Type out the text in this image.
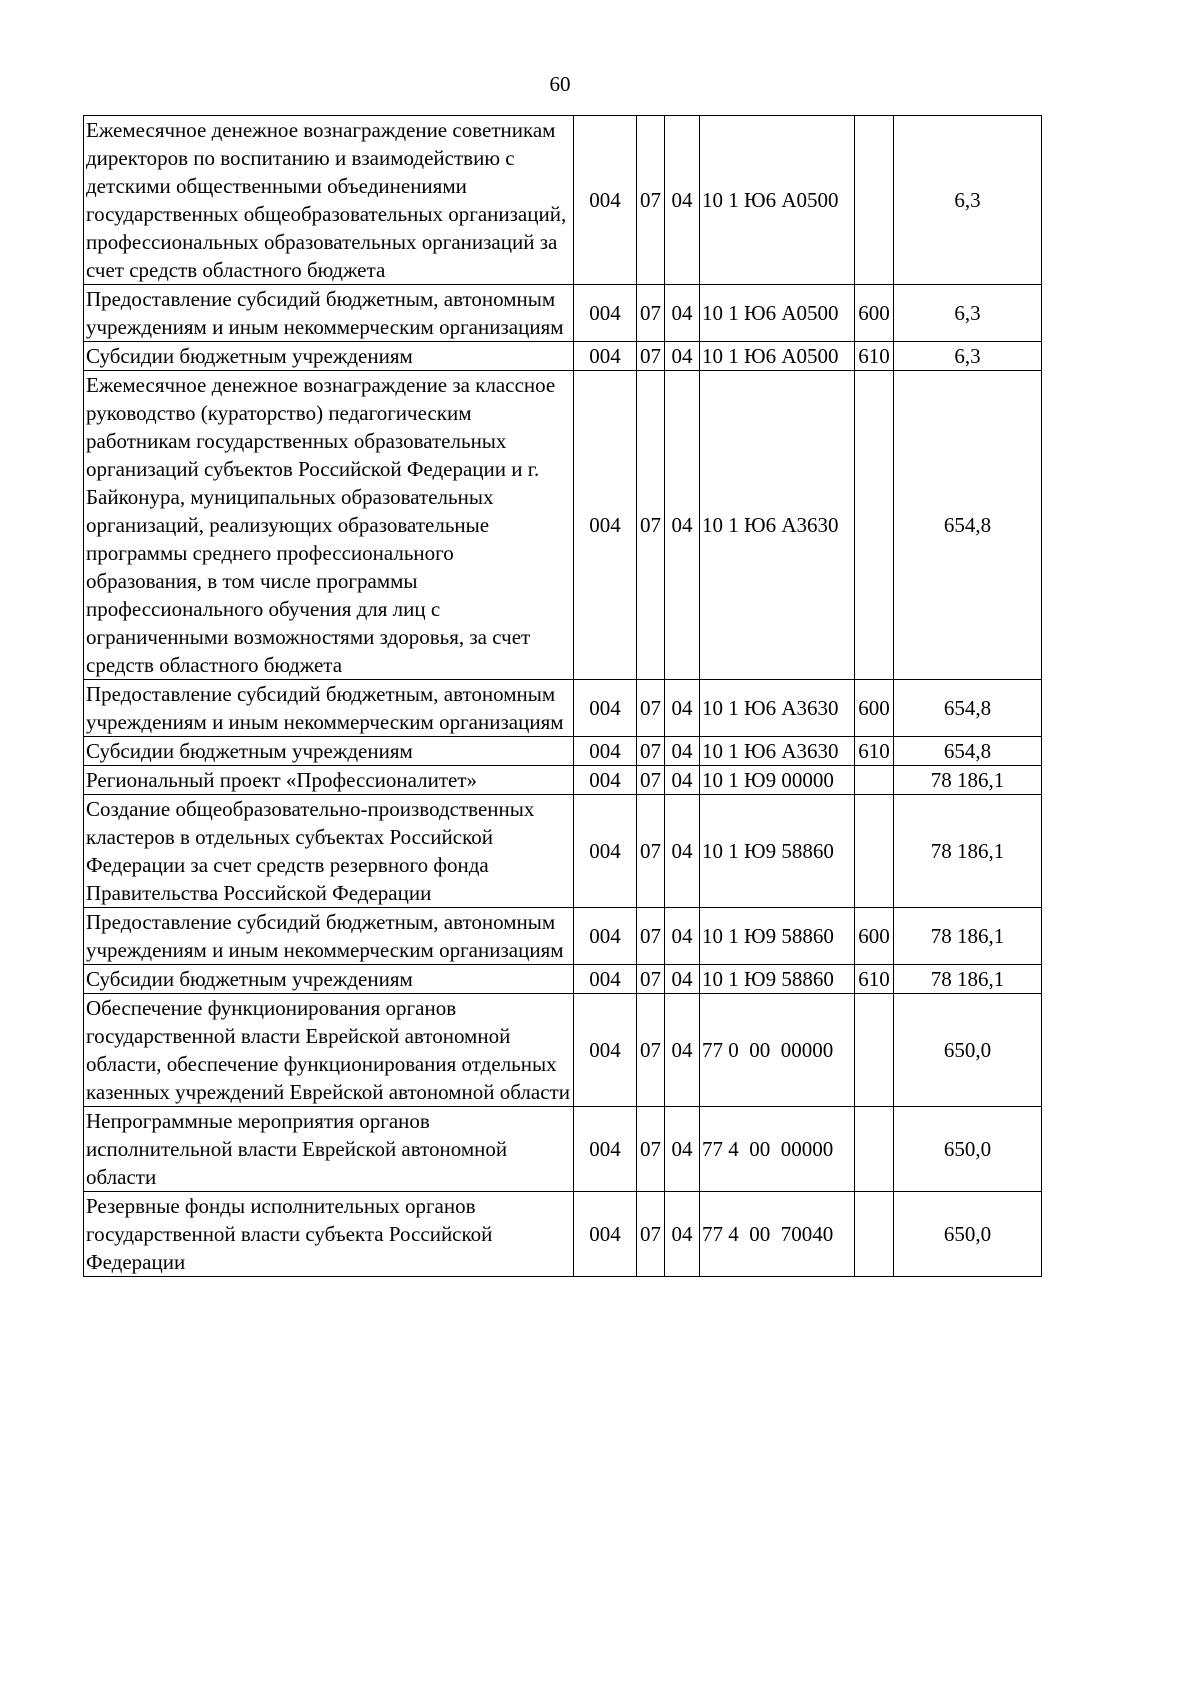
60
Ежемесячное денежное вознаграждение советникам директоров по воспитанию и взаимодействию с детскими общественными объединениями государственных общеобразовательных организаций, профессиональных образовательных организаций за счет средств областного бюджета	004	07	04	10 1 Ю6 А0500		6,3
Предоставление субсидий бюджетным, автономным учреждениям и иным некоммерческим организациям	004	07	04	10 1 Ю6 А0500	600	6,3
Субсидии бюджетным учреждениям	004	07	04	10 1 Ю6 А0500	610	6,3
Ежемесячное денежное вознаграждение за классное руководство (кураторство) педагогическим работникам государственных образовательных организаций субъектов Российской Федерации и г. Байконура, муниципальных образовательных организаций, реализующих образовательные программы среднего профессионального образования, в том числе программы профессионального обучения для лиц с ограниченными возможностями здоровья, за счет средств областного бюджета	004	07	04	10 1 Ю6 А3630		654,8
Предоставление субсидий бюджетным, автономным учреждениям и иным некоммерческим организациям	004	07	04	10 1 Ю6 А3630	600	654,8
Субсидии бюджетным учреждениям	004	07	04	10 1 Ю6 А3630	610	654,8
Региональный проект «Профессионалитет»	004	07	04	10 1 Ю9 00000		78 186,1
Создание общеобразовательно-производственных кластеров в отдельных субъектах Российской Федерации за счет средств резервного фонда Правительства Российской Федерации	004	07	04	10 1 Ю9 58860		78 186,1
Предоставление субсидий бюджетным, автономным учреждениям и иным некоммерческим организациям	004	07	04	10 1 Ю9 58860	600	78 186,1
Субсидии бюджетным учреждениям	004	07	04	10 1 Ю9 58860	610	78 186,1
Обеспечение функционирования органов государственной власти Еврейской автономной области, обеспечение функционирования отдельных казенных учреждений Еврейской автономной области	004	07	04	77 0  00  00000		650,0
Непрограммные мероприятия органов исполнительной власти Еврейской автономной области	004	07	04	77 4  00  00000		650,0
Резервные фонды исполнительных органов государственной власти субъекта Российской Федерации	004	07	04	77 4  00  70040		650,0
